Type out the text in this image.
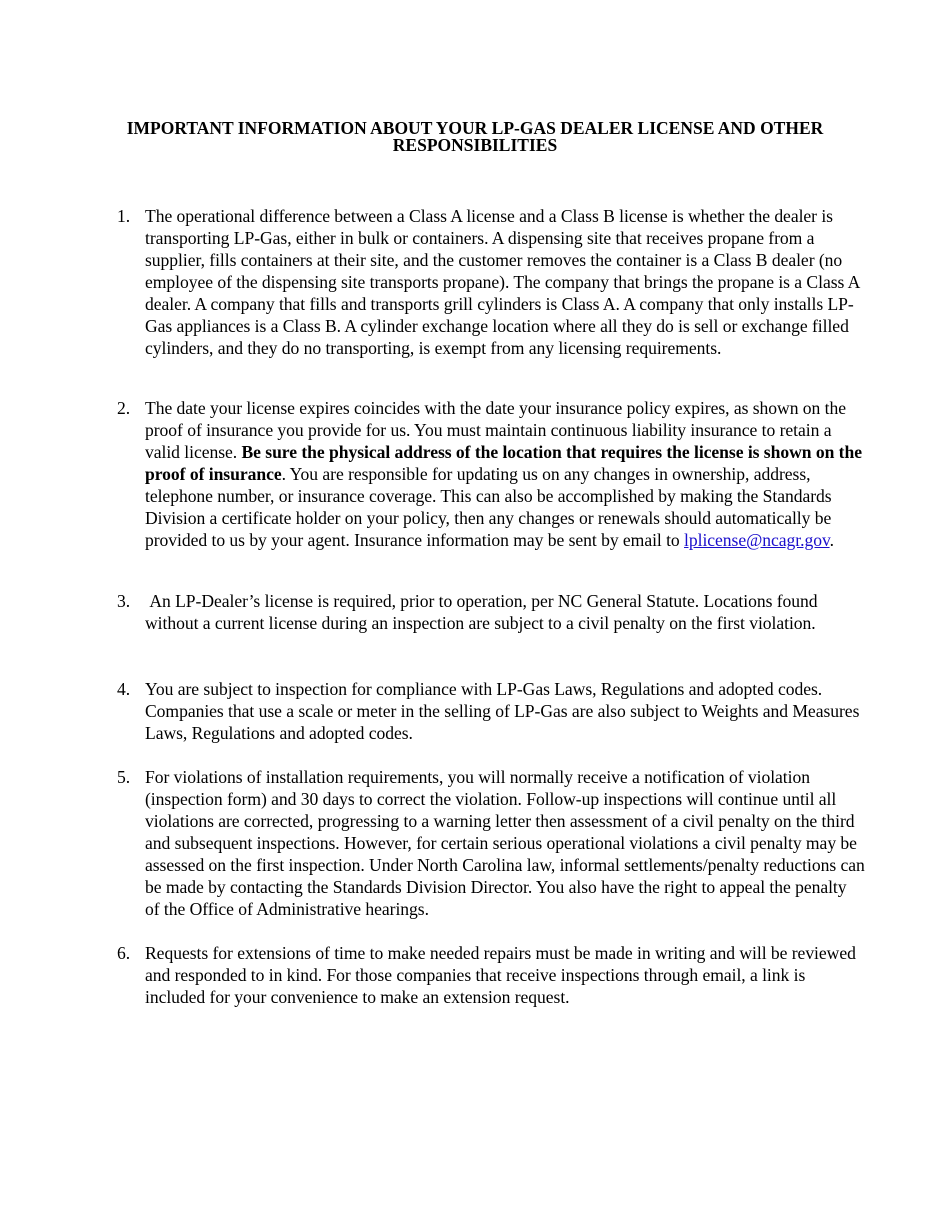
IMPORTANT INFORMATION ABOUT YOUR LP-GAS DEALER LICENSE AND OTHER
RESPONSIBILITIES
1. The operational difference between a Class A license and a Class B license is whether the dealer is transporting LP-Gas, either in bulk or containers. A dispensing site that receives propane from a supplier, fills containers at their site, and the customer removes the container is a Class B dealer (no employee of the dispensing site transports propane). The company that brings the propane is a Class A dealer. A company that fills and transports grill cylinders is Class A. A company that only installs LP-Gas appliances is a Class B. A cylinder exchange location where all they do is sell or exchange filled cylinders, and they do no transporting, is exempt from any licensing requirements.

2. The date your license expires coincides with the date your insurance policy expires, as shown on the proof of insurance you provide for us. You must maintain continuous liability insurance to retain a valid license. Be sure the physical address of the location that requires the license is shown on the proof of insurance. You are responsible for updating us on any changes in ownership, address, telephone number, or insurance coverage. This can also be accomplished by making the Standards Division a certificate holder on your policy, then any changes or renewals should automatically be provided to us by your agent. Insurance information may be sent by email to lplicense@ncagr.gov.

3. An LP-Dealer’s license is required, prior to operation, per NC General Statute. Locations found without a current license during an inspection are subject to a civil penalty on the first violation.

4. You are subject to inspection for compliance with LP-Gas Laws, Regulations and adopted codes. Companies that use a scale or meter in the selling of LP-Gas are also subject to Weights and Measures Laws, Regulations and adopted codes.

5. For violations of installation requirements, you will normally receive a notification of violation (inspection form) and 30 days to correct the violation. Follow-up inspections will continue until all violations are corrected, progressing to a warning letter then assessment of a civil penalty on the third and subsequent inspections. However, for certain serious operational violations a civil penalty may be assessed on the first inspection. Under North Carolina law, informal settlements/penalty reductions can be made by contacting the Standards Division Director. You also have the right to appeal the penalty of the Office of Administrative hearings.

6. Requests for extensions of time to make needed repairs must be made in writing and will be reviewed and responded to in kind. For those companies that receive inspections through email, a link is included for your convenience to make an extension request.
